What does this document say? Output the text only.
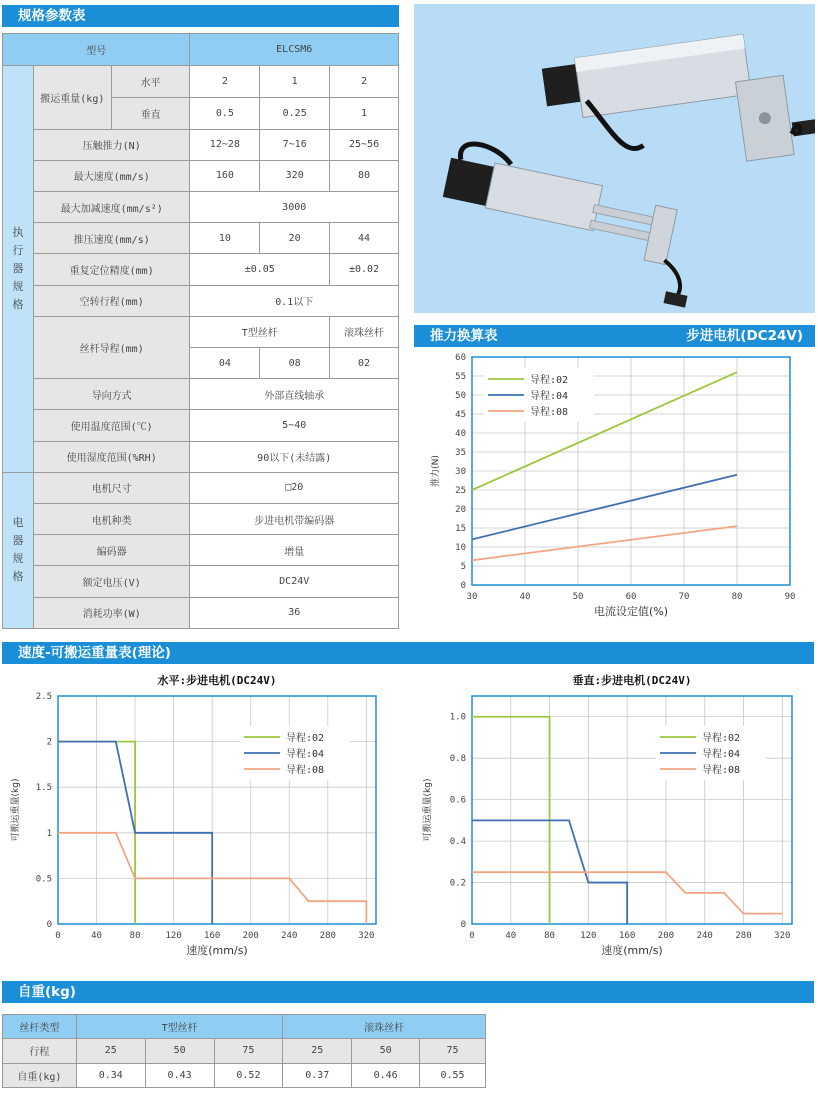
规格参数表
推力换算表	步进电机(DC24V)
速度-可搬运重量表(理论)
自重(kg)
型号			ELCSM6		
执
行
器
规
格	搬运重量(kg)	水平	2	1	2
		垂直	0.5	0.25	1
	压触推力(N)		12~28	7~16	25~56
	最大速度(mm/s)		160	320	80
	最大加减速度(mm/s²)		3000		
	推压速度(mm/s)		10	20	44
	重复定位精度(mm)		±0.05		±0.02
	空转行程(mm)		0.1以下		
	丝杆导程(mm)		T型丝杆		滚珠丝杆
			04	08	02
	导向方式		外部直线轴承		
	使用温度范围(℃)		5~40		
	使用湿度范围(%RH)		90以下(未结露)		
电
器
规
格	电机尺寸		□20		
	电机种类		步进电机带编码器		
	编码器		增量		
	额定电压(V)		DC24V		
	消耗功率(W)		36		
30	40	50	60	70	80	90
0
5
10
15
20
25
30
35
40
45
50
55
60
电流设定值(%)
推力(N)
导程:02
导程:04
导程:08
水平:步进电机(DC24V)
0	40	80	120 160 200 240 280 320
0
0.5
1
1.5
2
2.5
速度(mm/s)
可搬运重量(kg)
导程:02
导程:04
导程:08
垂直:步进电机(DC24V)
0	40	80	120	160	200	240	280	320
0
0.2
0.4
0.6
0.8
1.0
速度(mm/s)
可搬运重量(kg)
导程:02
导程:04
导程:08
丝杆类型	T型丝杆			滚珠丝杆		
行程	25	50	75	25	50	75
自重(kg)	0.34	0.43	0.52	0.37	0.46	0.55
